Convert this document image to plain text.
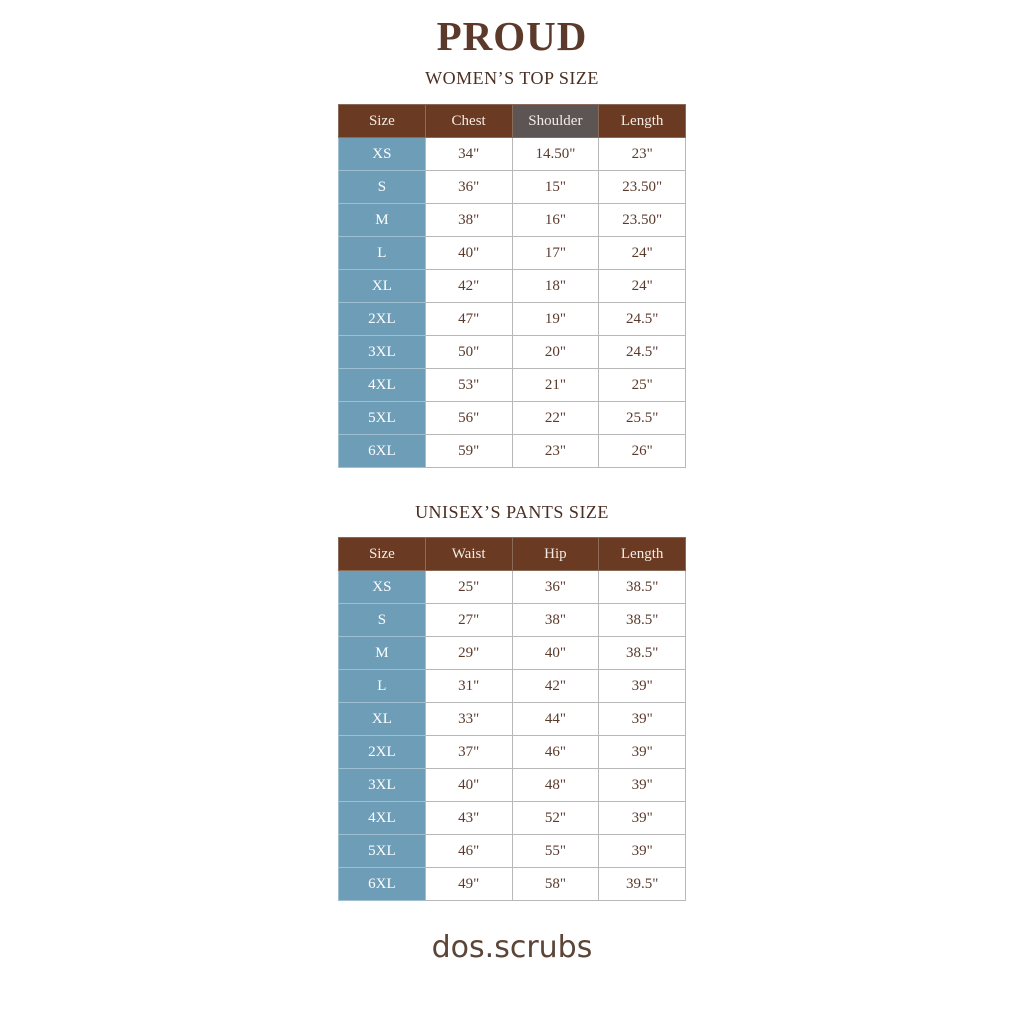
PROUD
WOMEN’S TOP SIZE
Size	Chest	Shoulder	Length
XS	34"	14.50"	23"
S	36"	15"	23.50"
M	38"	16"	23.50"
L	40"	17"	24"
XL	42"	18"	24"
2XL	47"	19"	24.5"
3XL	50"	20"	24.5"
4XL	53"	21"	25"
5XL	56"	22"	25.5"
6XL	59"	23"	26"
UNISEX’S PANTS SIZE
Size	Waist	Hip	Length
XS	25"	36"	38.5"
S	27"	38"	38.5"
M	29"	40"	38.5"
L	31"	42"	39"
XL	33"	44"	39"
2XL	37"	46"	39"
3XL	40"	48"	39"
4XL	43"	52"	39"
5XL	46"	55"	39"
6XL	49"	58"	39.5"
dos.scrubs
